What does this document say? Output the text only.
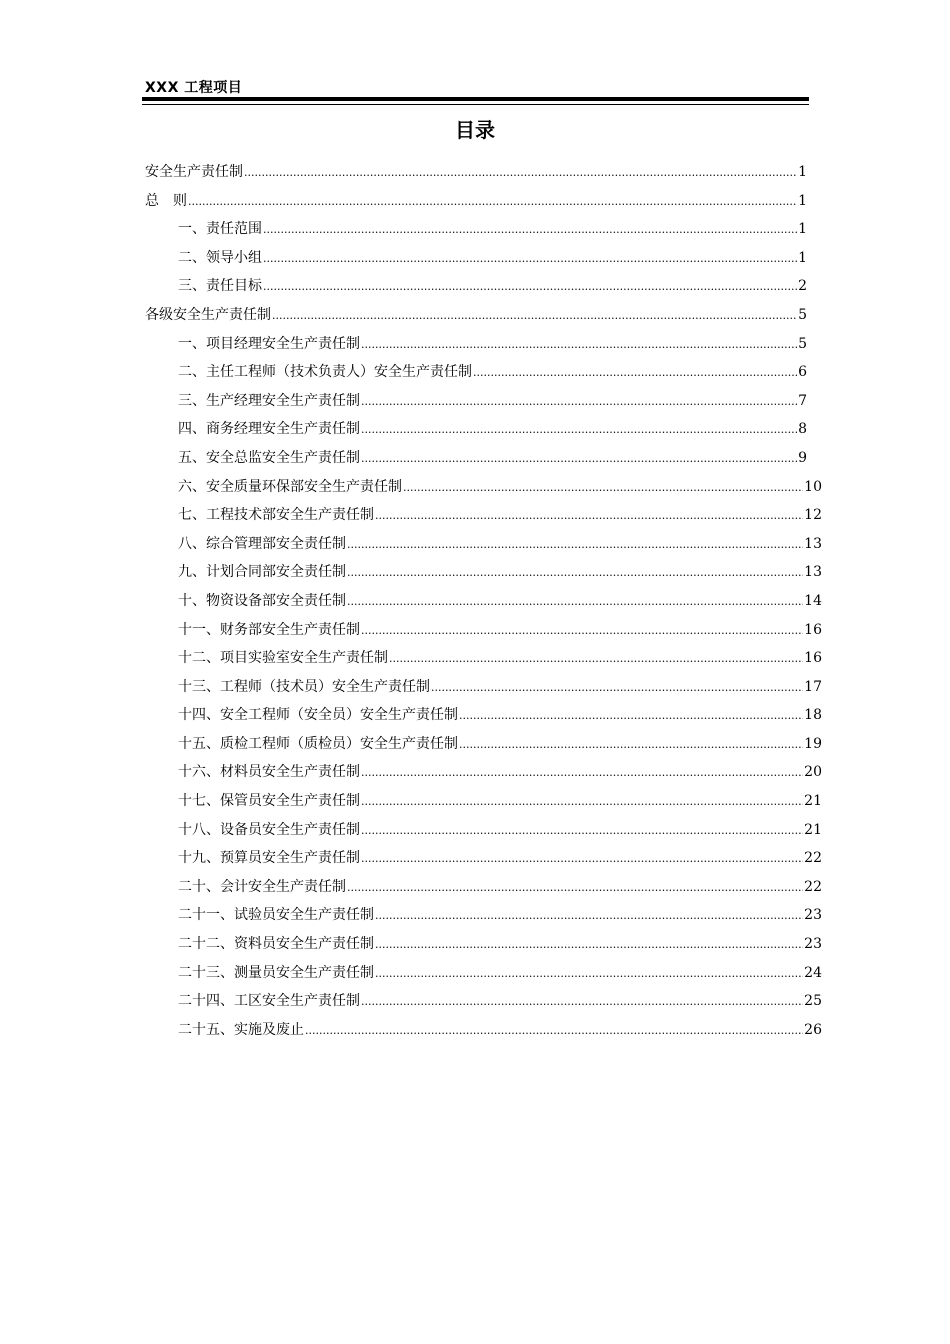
XXX 工程项目
目录
安全生产责任制 .....	1
总　则 .....	1
一、责任范围 .....	1
二、领导小组 .....	1
三、责任目标 .....	2
各级安全生产责任制 .....	5
一、项目经理安全生产责任制 .....	5
二、主任工程师（技术负责人）安全生产责任制 .....	6
三、生产经理安全生产责任制 .....	7
四、商务经理安全生产责任制 .....	8
五、安全总监安全生产责任制 .....	9
六、安全质量环保部安全生产责任制 .....	10
七、工程技术部安全生产责任制 .....	12
八、综合管理部安全责任制 .....	13
九、计划合同部安全责任制 .....	13
十、物资设备部安全责任制 .....	14
十一、财务部安全生产责任制 .....	16
十二、项目实验室安全生产责任制 .....	16
十三、工程师（技术员）安全生产责任制 .....	17
十四、安全工程师（安全员）安全生产责任制 .....	18
十五、质检工程师（质检员）安全生产责任制 .....	19
十六、材料员安全生产责任制 .....	20
十七、保管员安全生产责任制 .....	21
十八、设备员安全生产责任制 .....	21
十九、预算员安全生产责任制 .....	22
二十、会计安全生产责任制 .....	22
二十一、试验员安全生产责任制 .....	23
二十二、资料员安全生产责任制 .....	23
二十三、测量员安全生产责任制 .....	24
二十四、工区安全生产责任制 .....	25
二十五、实施及废止 .....	26
